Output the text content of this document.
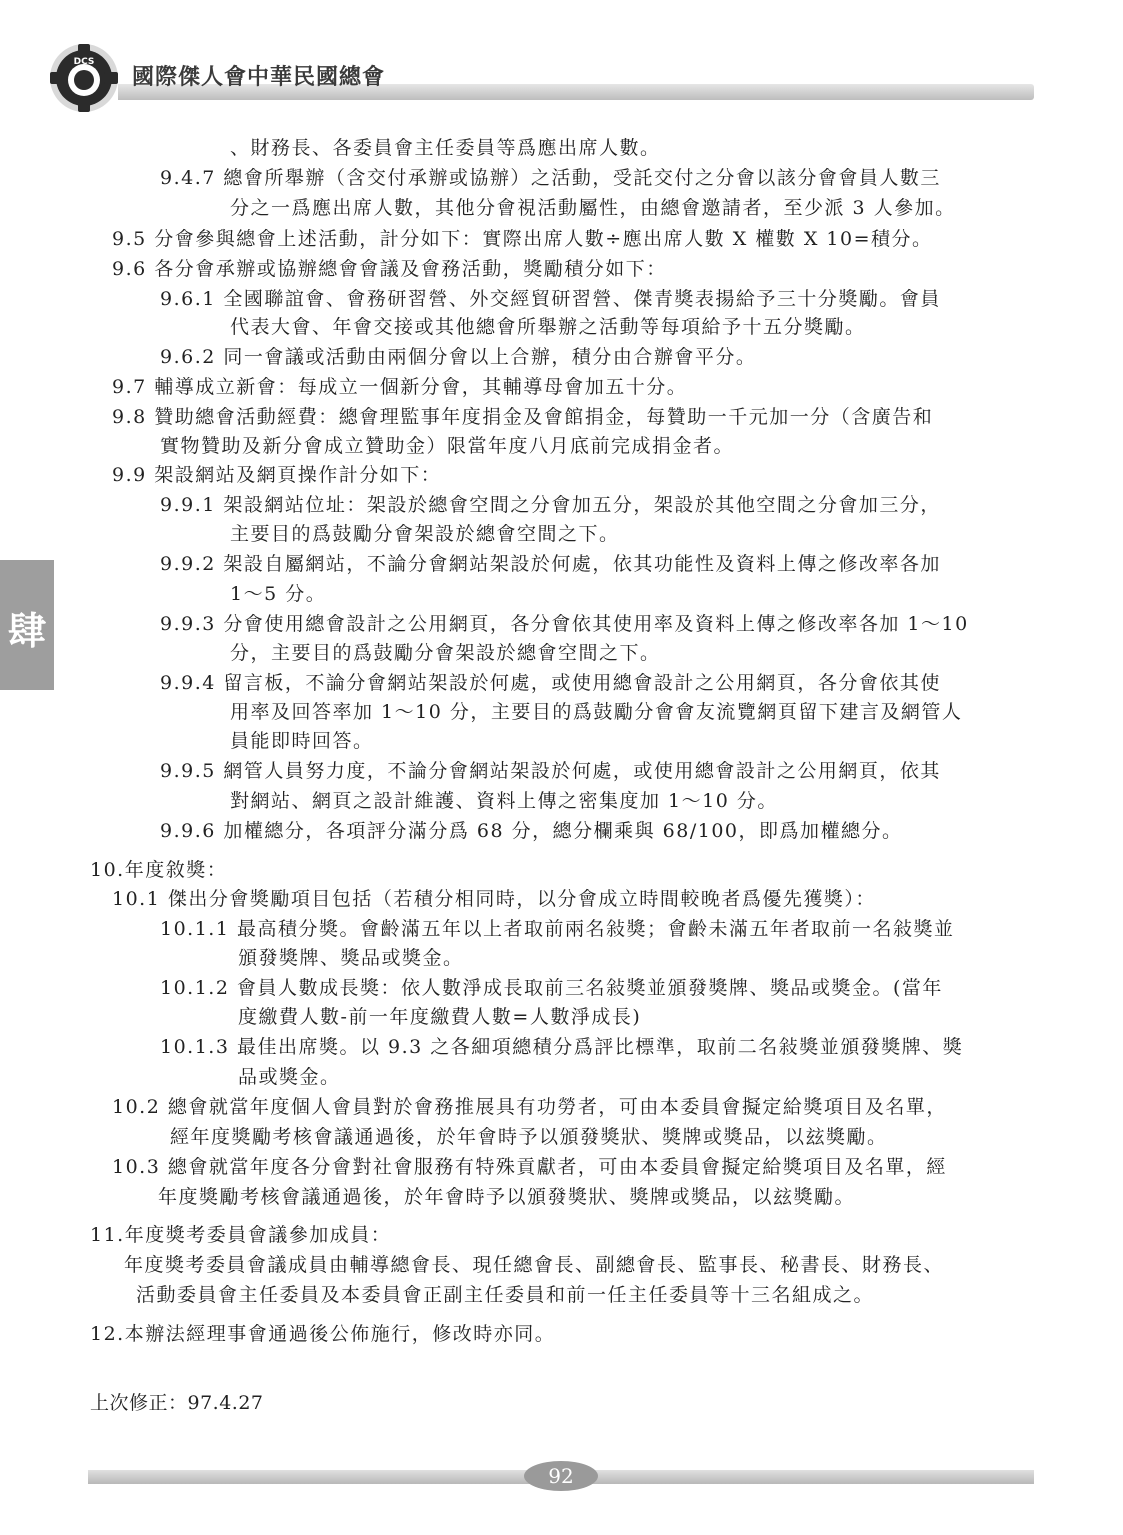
DCS
國際傑人會中華民國總會
肆
、財務長、各委員會主任委員等爲應出席人數。
9.4.7 總會所舉辦（含交付承辦或協辦）之活動，受託交付之分會以該分會會員人數三
分之一爲應出席人數，其他分會視活動屬性，由總會邀請者，至少派 3 人參加。
9.5 分會參與總會上述活動，計分如下：實際出席人數÷應出席人數 X 權數 X 10=積分。
9.6 各分會承辦或協辦總會會議及會務活動，獎勵積分如下：
9.6.1 全國聯誼會、會務研習營、外交經貿研習營、傑青獎表揚給予三十分獎勵。會員
代表大會、年會交接或其他總會所舉辦之活動等每項給予十五分獎勵。
9.6.2 同一會議或活動由兩個分會以上合辦，積分由合辦會平分。
9.7 輔導成立新會：每成立一個新分會，其輔導母會加五十分。
9.8 贊助總會活動經費：總會理監事年度捐金及會館捐金，每贊助一千元加一分（含廣告和
實物贊助及新分會成立贊助金）限當年度八月底前完成捐金者。
9.9 架設網站及網頁操作計分如下：
9.9.1 架設網站位址：架設於總會空間之分會加五分，架設於其他空間之分會加三分，
主要目的爲鼓勵分會架設於總會空間之下。
9.9.2 架設自屬網站，不論分會網站架設於何處，依其功能性及資料上傳之修改率各加
1～5 分。
9.9.3 分會使用總會設計之公用網頁，各分會依其使用率及資料上傳之修改率各加 1～10
分，主要目的爲鼓勵分會架設於總會空間之下。
9.9.4 留言板，不論分會網站架設於何處，或使用總會設計之公用網頁，各分會依其使
用率及回答率加 1～10 分，主要目的爲鼓勵分會會友流覽網頁留下建言及網管人
員能即時回答。
9.9.5 網管人員努力度，不論分會網站架設於何處，或使用總會設計之公用網頁，依其
對網站、網頁之設計維護、資料上傳之密集度加 1～10 分。
9.9.6 加權總分，各項評分滿分爲 68 分，總分欄乘與 68/100，即爲加權總分。
10.年度敘獎：
10.1 傑出分會獎勵項目包括（若積分相同時，以分會成立時間較晚者爲優先獲獎）：
10.1.1 最高積分獎。會齡滿五年以上者取前兩名敍獎；會齡未滿五年者取前一名敍獎並
頒發獎牌、獎品或獎金。
10.1.2 會員人數成長獎：依人數淨成長取前三名敍獎並頒發獎牌、獎品或獎金。(當年
度繳費人數-前一年度繳費人數=人數淨成長)
10.1.3 最佳出席獎。以 9.3 之各細項總積分爲評比標準，取前二名敍獎並頒發獎牌、獎
品或獎金。
10.2 總會就當年度個人會員對於會務推展具有功勞者，可由本委員會擬定給獎項目及名單，
經年度獎勵考核會議通過後，於年會時予以頒發獎狀、獎牌或獎品，以玆獎勵。
10.3 總會就當年度各分會對社會服務有特殊貢獻者，可由本委員會擬定給獎項目及名單，經
年度獎勵考核會議通過後，於年會時予以頒發獎狀、獎牌或獎品，以玆獎勵。
11.年度獎考委員會議參加成員：
年度獎考委員會議成員由輔導總會長、現任總會長、副總會長、監事長、秘書長、財務長、
活動委員會主任委員及本委員會正副主任委員和前一任主任委員等十三名組成之。
12.本辦法經理事會通過後公佈施行，修改時亦同。
上次修正：97.4.27
92
